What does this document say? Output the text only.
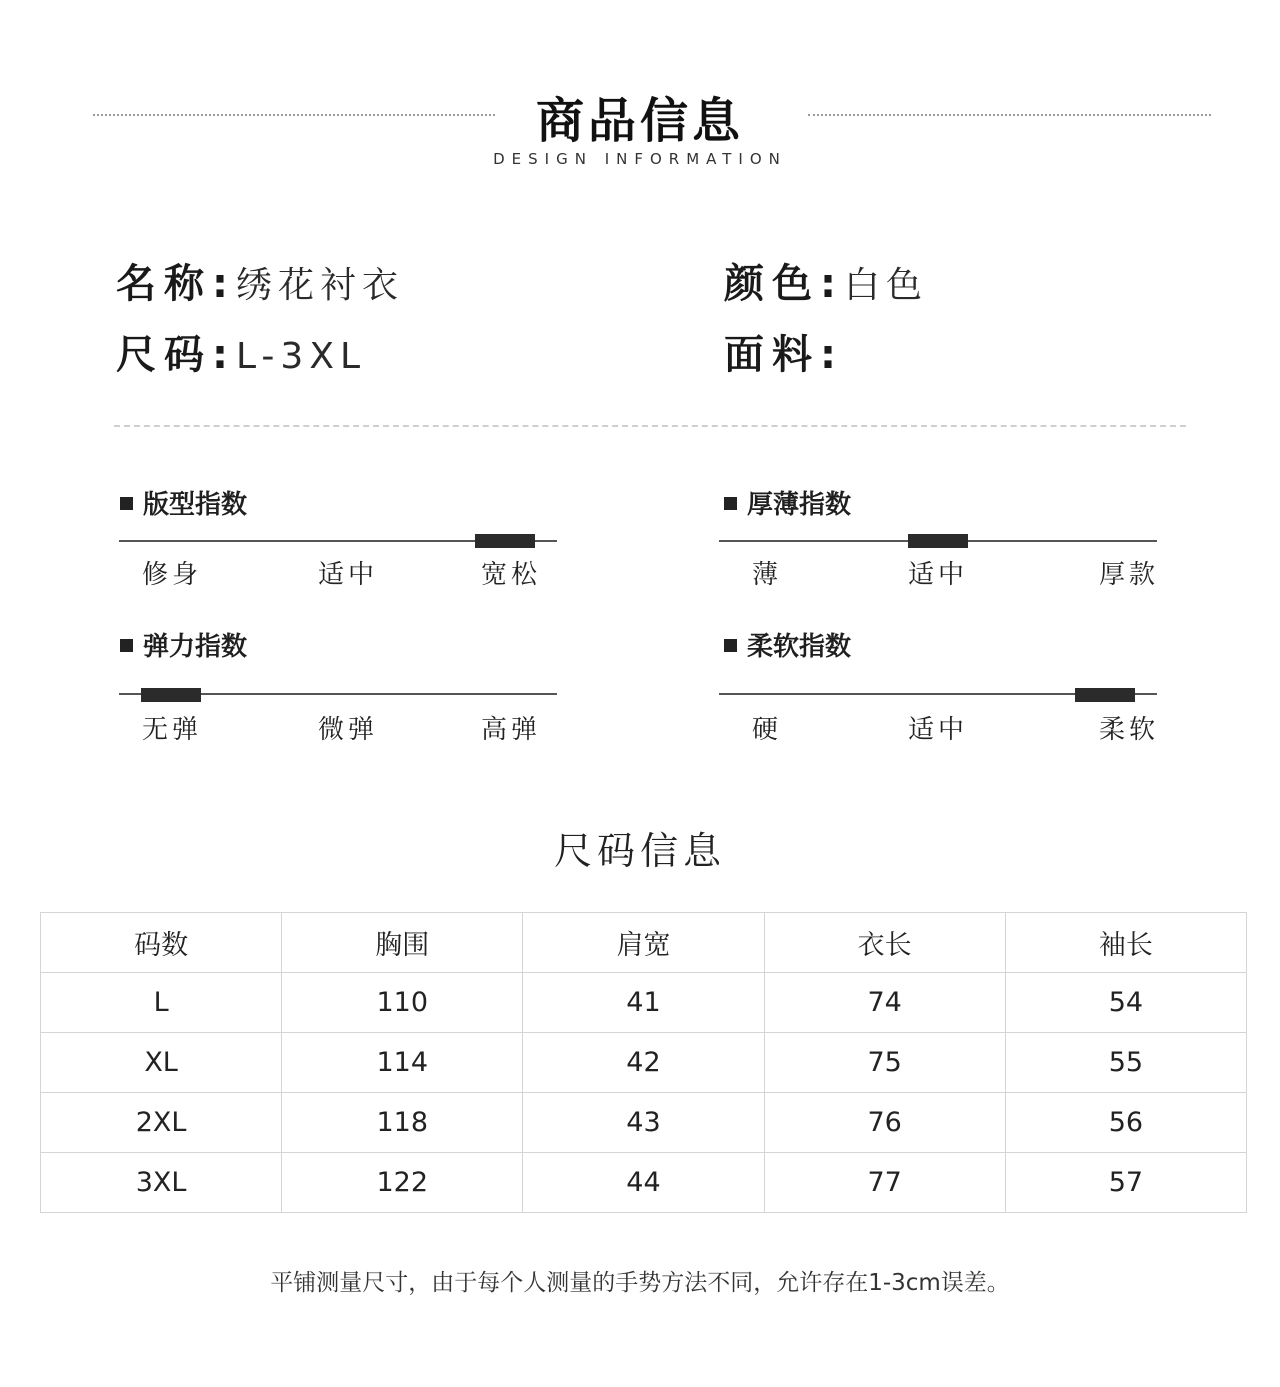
商品信息
DESIGN INFORMATION
名称: 绣花衬衣	颜色: 白色
尺码: L-3XL	面料:
版型指数
修身	适中	宽松
厚薄指数
薄	适中	厚款
弹力指数
无弹	微弹	高弹
柔软指数
硬	适中	柔软
尺码信息
码数	胸围	肩宽	衣长	袖长
L	110	41	74	54
XL	114	42	75	55
2XL	118	43	76	56
3XL	122	44	77	57
平铺测量尺寸，由于每个人测量的手势方法不同，允许存在1-3cm误差。
